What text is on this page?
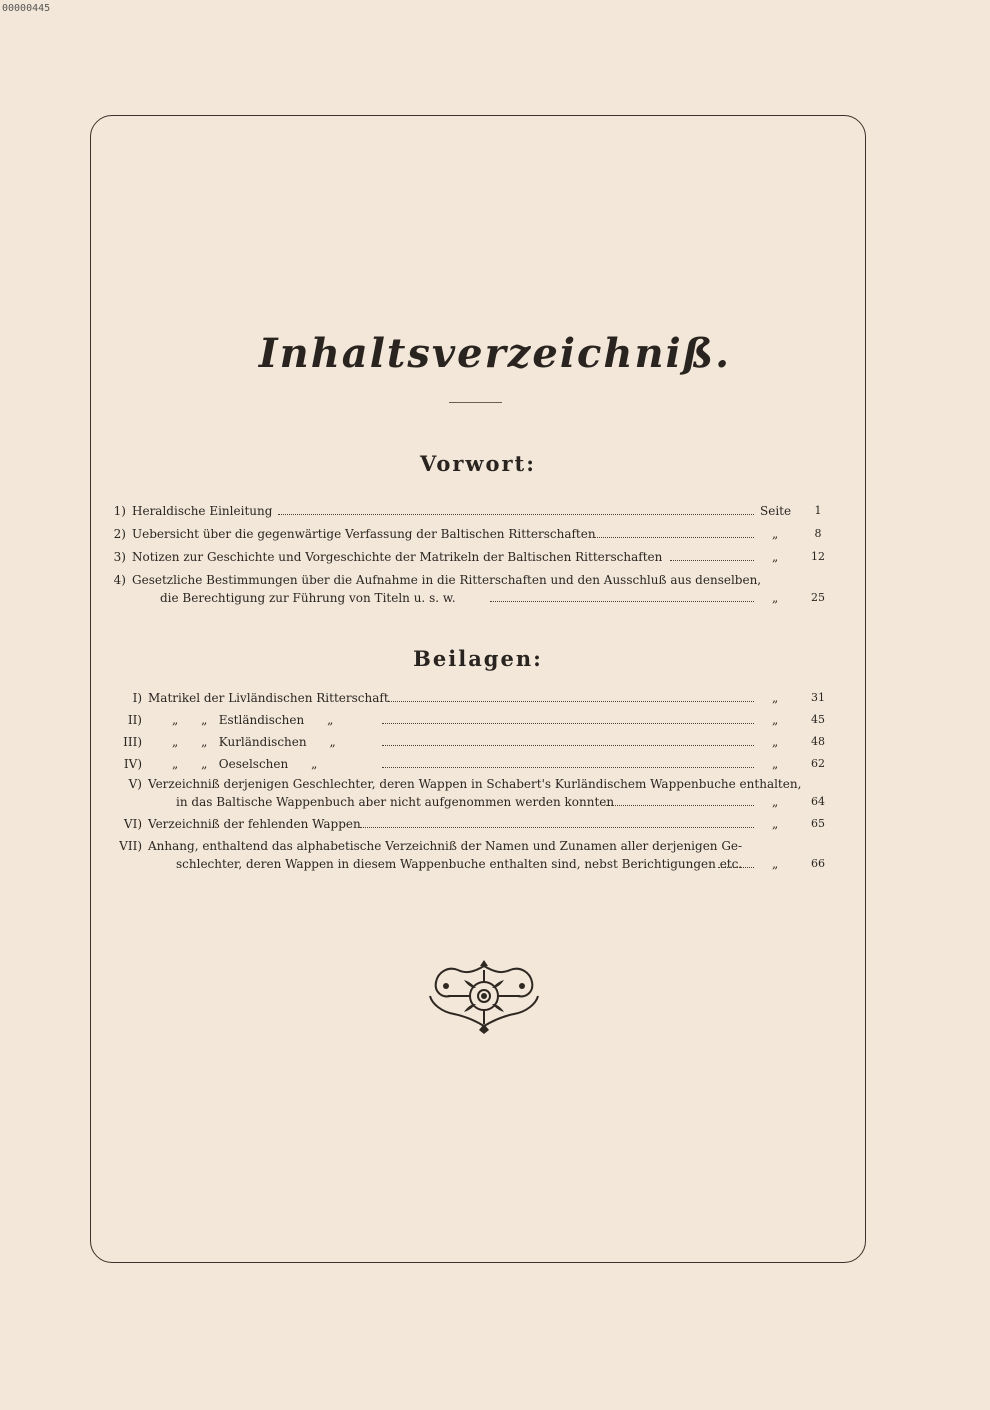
00000445
Inhaltsverzeichniß.
Vorwort:
1) Heraldische Einleitung	Seite	1
2) Uebersicht über die gegenwärtige Verfassung der Baltischen Ritterschaften	„	8
3) Notizen zur Geschichte und Vorgeschichte der Matrikeln der Baltischen Ritterschaften	„	12
4) Gesetzliche Bestimmungen über die Aufnahme in die Ritterschaften und den Ausschluß aus denselben,
die Berechtigung zur Führung von Titeln u. s. w.	„	25
Beilagen:
I) Matrikel der Livländischen Ritterschaft	„	31
II)	„      „   Estländischen      „	„	45
III)	„      „   Kurländischen      „	„	48
IV)	„      „   Oeselschen      „	„	62
V) Verzeichniß derjenigen Geschlechter, deren Wappen in Schabert's Kurländischem Wappenbuche enthalten,
in das Baltische Wappenbuch aber nicht aufgenommen werden konnten	„	64
VI) Verzeichniß der fehlenden Wappen	„	65
VII) Anhang, enthaltend das alphabetische Verzeichniß der Namen und Zunamen aller derjenigen Ge-
schlechter, deren Wappen in diesem Wappenbuche enthalten sind, nebst Berichtigungen etc. „	66
